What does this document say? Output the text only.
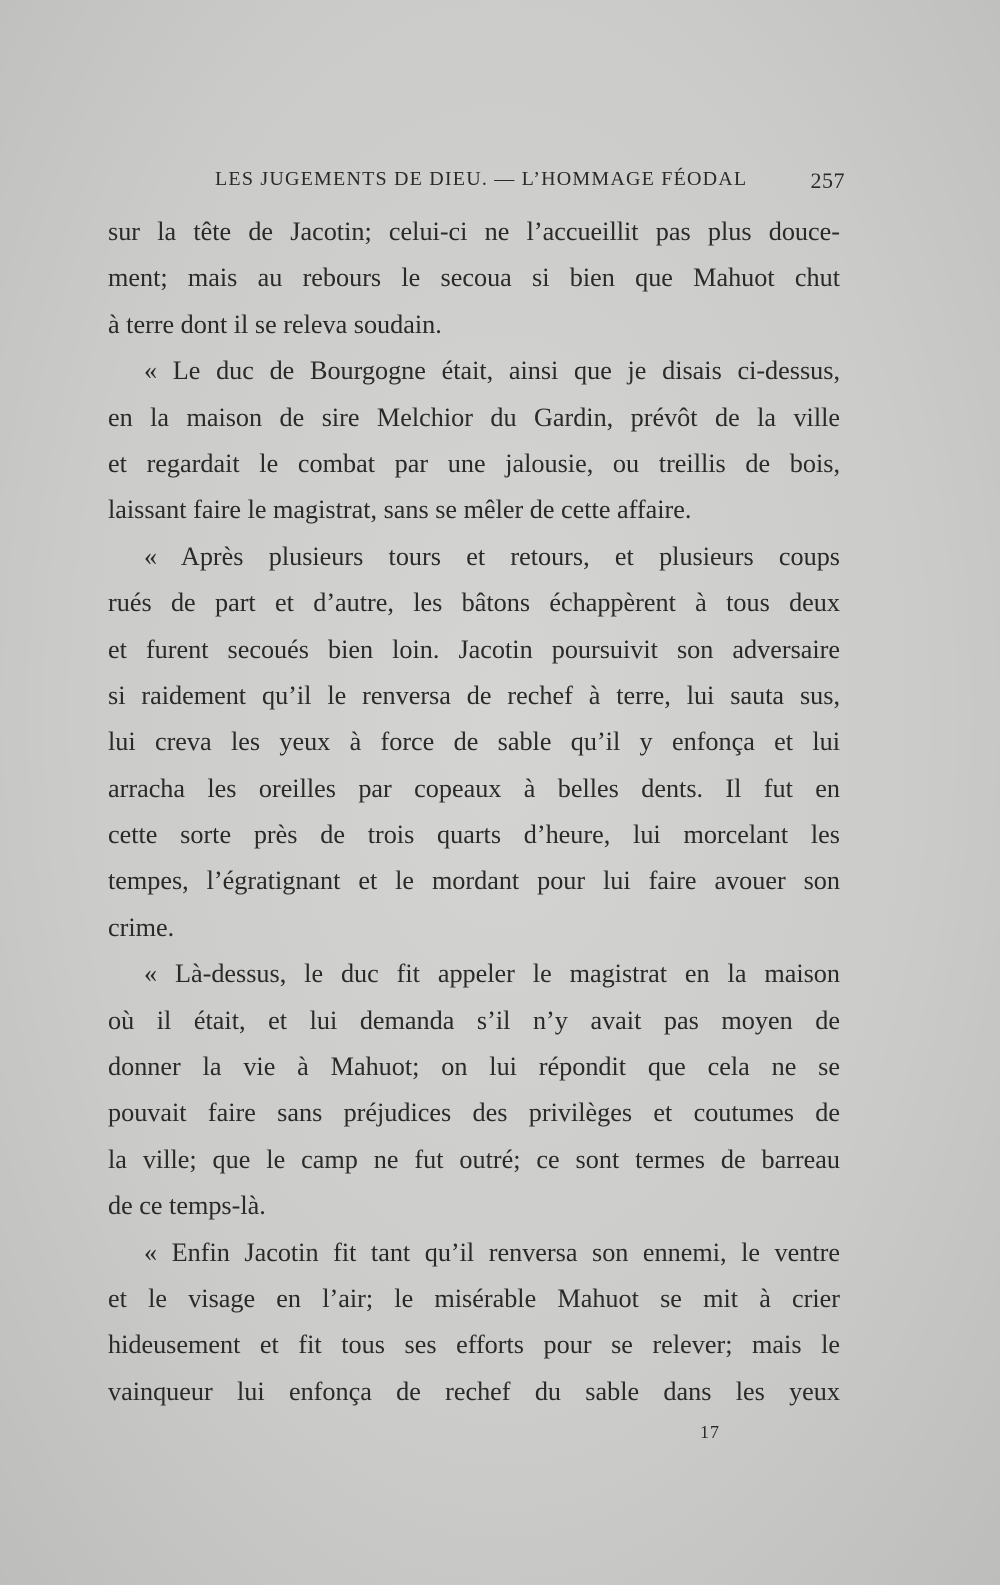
LES JUGEMENTS DE DIEU. — L’HOMMAGE FÉODAL	257
sur la tête de Jacotin; celui-ci ne l’accueillit pas plus douce-
ment; mais au rebours le secoua si bien que Mahuot chut
à terre dont il se releva soudain.
« Le duc de Bourgogne était, ainsi que je disais ci-dessus,
en la maison de sire Melchior du Gardin, prévôt de la ville
et regardait le combat par une jalousie, ou treillis de bois,
laissant faire le magistrat, sans se mêler de cette affaire.
« Après plusieurs tours et retours, et plusieurs coups
rués de part et d’autre, les bâtons échappèrent à tous deux
et furent secoués bien loin. Jacotin poursuivit son adversaire
si raidement qu’il le renversa de rechef à terre, lui sauta sus,
lui creva les yeux à force de sable qu’il y enfonça et lui
arracha les oreilles par copeaux à belles dents. Il fut en
cette sorte près de trois quarts d’heure, lui morcelant les
tempes, l’égratignant et le mordant pour lui faire avouer son
crime.
« Là-dessus, le duc fit appeler le magistrat en la maison
où il était, et lui demanda s’il n’y avait pas moyen de
donner la vie à Mahuot; on lui répondit que cela ne se
pouvait faire sans préjudices des privilèges et coutumes de
la ville; que le camp ne fut outré; ce sont termes de barreau
de ce temps-là.
« Enfin Jacotin fit tant qu’il renversa son ennemi, le ventre
et le visage en l’air; le misérable Mahuot se mit à crier
hideusement et fit tous ses efforts pour se relever; mais le
vainqueur lui enfonça de rechef du sable dans les yeux
17
